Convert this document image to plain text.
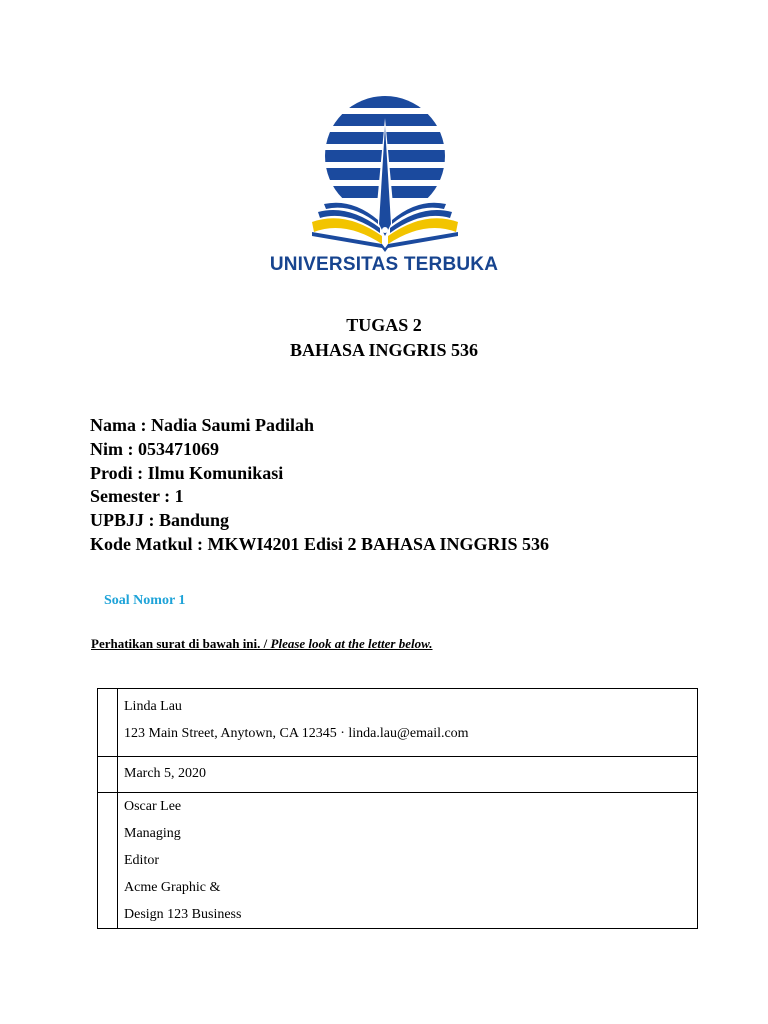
UNIVERSITAS TERBUKA
TUGAS 2
BAHASA INGGRIS 536
Nama : Nadia Saumi Padilah
Nim : 053471069
Prodi : Ilmu Komunikasi
Semester : 1
UPBJJ : Bandung
Kode Matkul : MKWI4201 Edisi 2 BAHASA INGGRIS 536
Soal Nomor 1
Perhatikan surat di bawah ini. / Please look at the letter below.

	Linda Lau
123 Main Street, Anytown, CA 12345 · linda.lau@email.com

	March 5, 2020

	Oscar Lee
Managing
Editor
Acme Graphic &
Design 123 Business
